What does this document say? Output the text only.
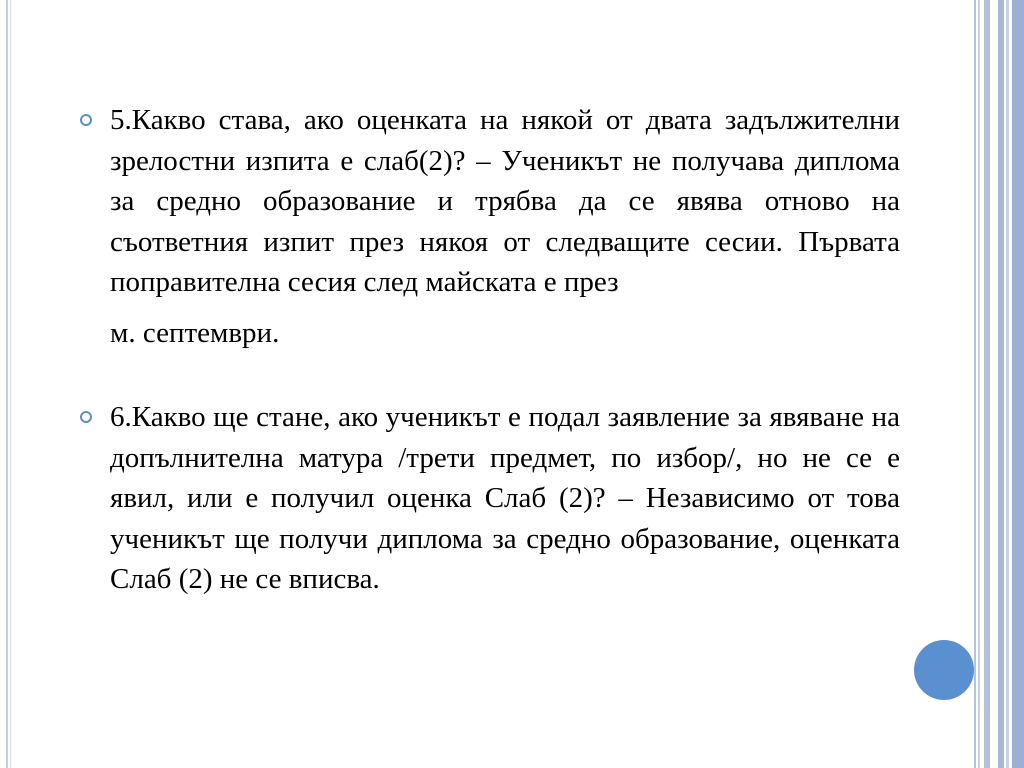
5.Какво става, ако оценката на някой от двата задължителни зрелостни изпита е слаб(2)? – Ученикът не получава диплома за средно образование и трябва да се явява отново на съответния изпит през някоя от следващите сесии. Първата поправителна сесия след майската е през
м. септември.
6.Какво ще стане, ако ученикът е подал заявление за явяване на допълнителна матура /трети предмет, по избор/, но не се е явил, или е получил оценка Слаб (2)? – Независимо от това ученикът ще получи диплома за средно образование, оценката Слаб (2) не се вписва.
